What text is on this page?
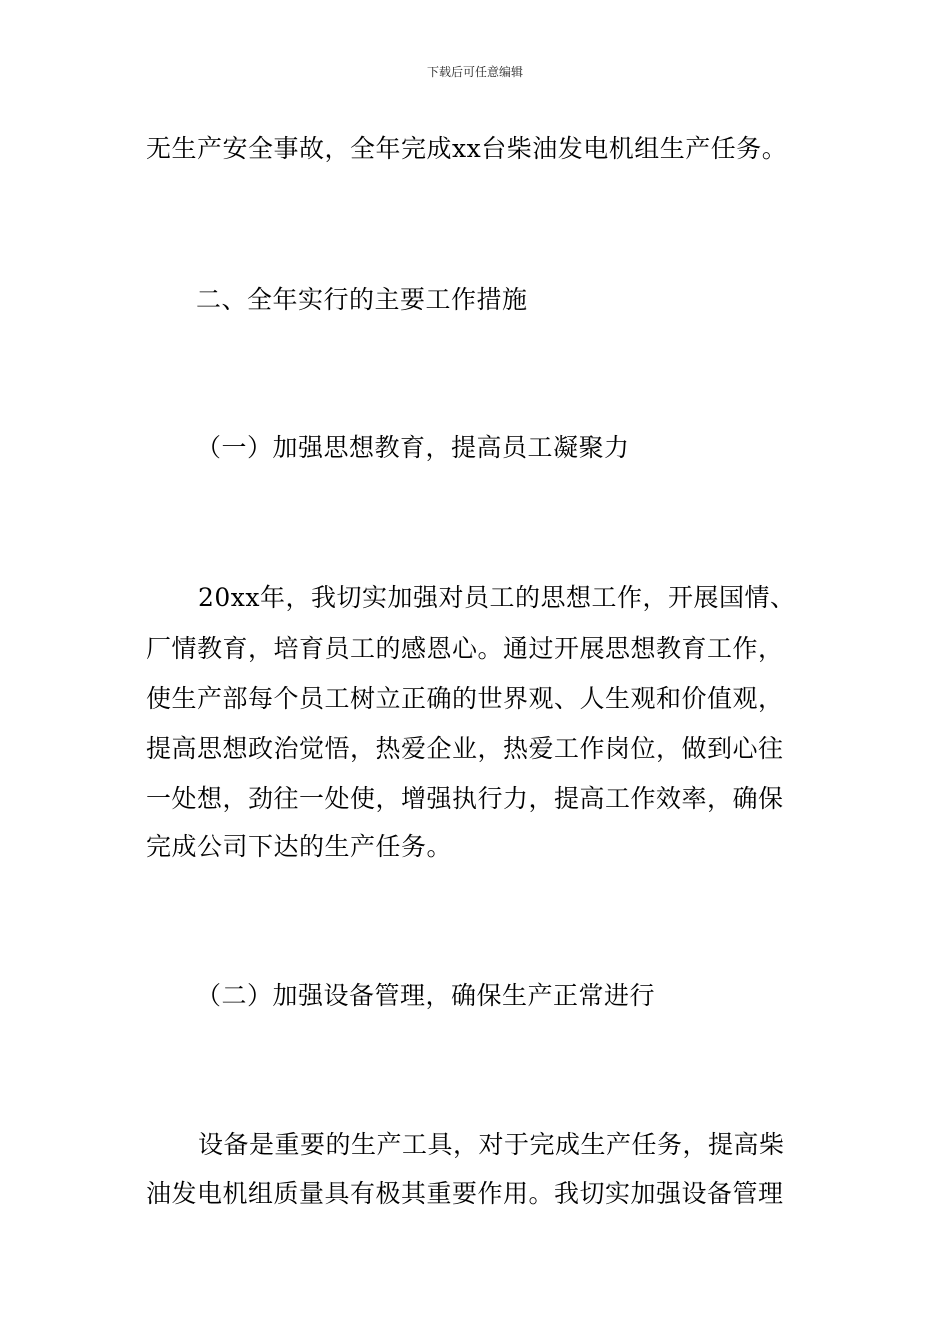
下载后可任意编辑
无生产安全事故，全年完成xx台柴油发电机组生产任务。
二、全年实行的主要工作措施
（一）加强思想教育，提高员工凝聚力
20xx年，我切实加强对员工的思想工作，开展国情、
厂情教育，培育员工的感恩心。通过开展思想教育工作，
使生产部每个员工树立正确的世界观、人生观和价值观，
提高思想政治觉悟，热爱企业，热爱工作岗位，做到心往
一处想，劲往一处使，增强执行力，提高工作效率，确保
完成公司下达的生产任务。
（二）加强设备管理，确保生产正常进行
设备是重要的生产工具，对于完成生产任务，提高柴
油发电机组质量具有极其重要作用。我切实加强设备管理
